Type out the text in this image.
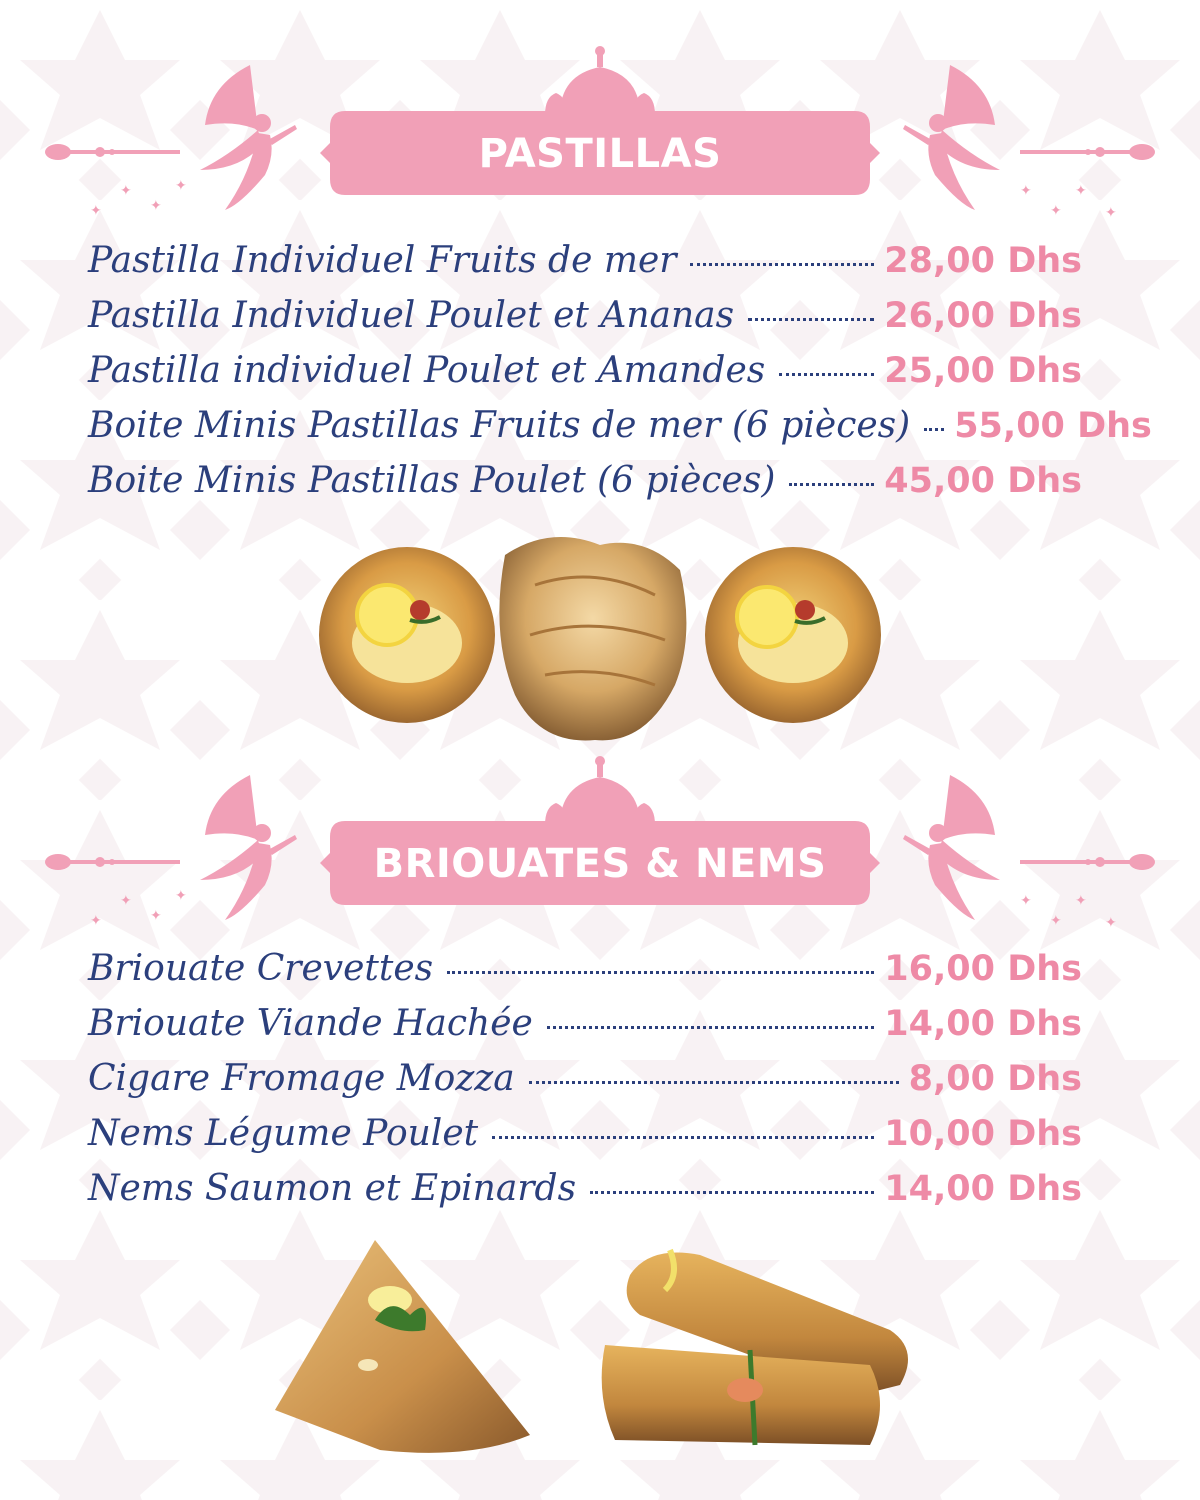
✦
✦
✦
✦	✦
✦
✦
✦
PASTILLAS
Pastilla Individuel Fruits de mer	28,00 Dhs
Pastilla Individuel Poulet et Ananas	26,00 Dhs
Pastilla individuel Poulet et Amandes	25,00 Dhs
Boite Minis Pastillas Fruits de mer (6 pièces) 55,00 Dhs
Boite Minis Pastillas Poulet (6 pièces)	45,00 Dhs
✦
✦
✦
✦	✦
✦
✦
✦
BRIOUATES & NEMS
Briouate Crevettes	16,00 Dhs
Briouate Viande Hachée	14,00 Dhs
Cigare Fromage Mozza	8,00 Dhs
Nems Légume Poulet	10,00 Dhs
Nems Saumon et Epinards	14,00 Dhs
